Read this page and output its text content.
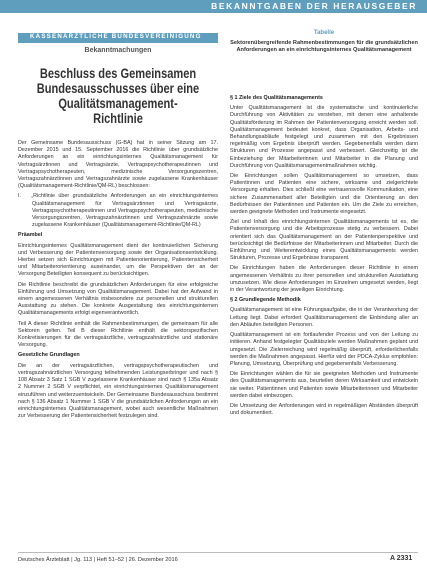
BEKANNTGABEN DER HERAUSGEBER
KASSENÄRZTLICHE BUNDESVEREINIGUNG
Bekanntmachungen
Beschluss des Gemeinsamen Bundesausschusses über eine Qualitätsmanagement-Richtlinie
Tabelle
Sektorenübergreifende Rahmenbestimmungen für die grundsätzlichen Anforderungen an ein einrichtungsinternes Qualitätsmanagement

Der Gemeinsame Bundesausschuss (G-BA) hat in seiner Sitzung am 17. Dezember 2015 und 15. September 2016 die Richtlinie über grundsätzliche Anforderungen an ein einrichtungsinternes Qualitätsmanagement für Vertragsärztinnen und Vertragsärzte, Vertragspsychotherapeutinnen und Vertragspsychotherapeuten, medizinische Versorgungszentren, Vertragszahnärztinnen und Vertragszahnärzte sowie zugelassene Krankenhäuser (Qualitätsmanagement-Richtlinie/QM-RL) beschlossen:

I. „Richtlinie über grundsätzliche Anforderungen an ein einrichtungsinternes Qualitätsmanagement für Vertragsärztinnen und Vertragsärzte, Vertragspsychotherapeutinnen und Vertragspsychotherapeuten, medizinische Versorgungszentren, Vertragszahnärztinnen und Vertragszahnärzte sowie zugelassene Krankenhäuser (Qualitätsmanagement-Richtlinie/QM-RL)

Präambel

Einrichtungsinternes Qualitätsmanagement dient der kontinuierlichen Sicherung und Verbesserung der Patientenversorgung sowie der Organisationsentwicklung. Hierbei setzen sich Einrichtungen mit Patientenorientierung, Patientensicherheit und Mitarbeiterorientierung auseinander, um die Perspektiven der an der Versorgung Beteiligten konsequent zu berücksichtigen.

Die Richtlinie beschreibt die grundsätzlichen Anforderungen für eine erfolgreiche Einführung und Umsetzung von Qualitätsmanagement. Dabei hat der Aufwand in einem angemessenen Verhältnis insbesondere zur personellen und strukturellen Ausstattung zu stehen. Die konkrete Ausgestaltung des einrichtungsinternen Qualitätsmanagements erfolgt eigenverantwortlich.

Teil A dieser Richtlinie enthält die Rahmenbestimmungen, die gemeinsam für alle Sektoren gelten. Teil B dieser Richtlinie enthält die sektorspezifischen Konkretisierungen für die vertragsärztliche, vertragszahnärztliche und stationäre Versorgung.

Gesetzliche Grundlagen

Die an der vertragsärztlichen, vertragspsychotherapeutischen und vertragszahnärztlichen Versorgung teilnehmenden Leistungserbringer und nach § 108 Absatz 3 Satz 1 SGB V zugelassene Krankenhäuser sind nach § 135a Absatz 2 Nummer 2 SGB V verpflichtet, ein einrichtungsinternes Qualitätsmanagement einzuführen und weiterzuentwickeln. Der Gemeinsame Bundesausschuss bestimmt nach § 136 Absatz 1 Nummer 1 SGB V die grundsätzlichen Anforderungen an ein einrichtungsinternes Qualitätsmanagement, wobei auch wesentliche Maßnahmen zur Verbesserung der Patientensicherheit festzulegen sind.

§ 1 Ziele des Qualitätsmanagements

Unter Qualitätsmanagement ist die systematische und kontinuierliche Durchführung von Aktivitäten zu verstehen, mit denen eine anhaltende Qualitätsförderung im Rahmen der Patientenversorgung erreicht werden soll. Qualitätsmanagement bedeutet konkret, dass Organisation, Arbeits- und Behandlungsabläufe festgelegt und zusammen mit den Ergebnissen regelmäßig vom Ergebnis überprüft werden. Gegebenenfalls werden dann Strukturen und Prozesse angepasst und verbessert. Gleichzeitig ist die Einbeziehung der Mitarbeiterinnen und Mitarbeiter in die Planung und Durchführung von Qualitätsmanagementmaßnahmen wichtig.

Die Einrichtungen sollen Qualitätsmanagement so umsetzen, dass Patientinnen und Patienten eine sichere, wirksame und zielgerichtete Versorgung erhalten. Dies schließt eine vertrauensvolle Kommunikation, eine sichere Zusammenarbeit aller Beteiligten und die Orientierung an den Bedürfnissen der Patientinnen und Patienten ein. Um die Ziele zu erreichen, werden geeignete Methoden und Instrumente eingesetzt.

Ziel und Inhalt des einrichtungsinternen Qualitätsmanagements ist es, die Patientenversorgung und die Arbeitsprozesse stetig zu verbessern. Dabei orientiert sich das Qualitätsmanagement an der Patientenperspektive und berücksichtigt die Bedürfnisse der Mitarbeiterinnen und Mitarbeiter. Durch die Einführung und Weiterentwicklung eines Qualitätsmanagements werden Strukturen, Prozesse und Ergebnisse transparent.

Die Einrichtungen haben die Anforderungen dieser Richtlinie in einem angemessenen Verhältnis zu ihrer personellen und strukturellen Ausstattung umzusetzen. Wie diese Anforderungen im Einzelnen umgesetzt werden, liegt in der Verantwortung der jeweiligen Einrichtung.

§ 2 Grundlegende Methodik

Qualitätsmanagement ist eine Führungsaufgabe, die in der Verantwortung der Leitung liegt. Dabei erfordert Qualitätsmanagement die Einbindung aller an den Abläufen beteiligten Personen.

Qualitätsmanagement ist ein fortlaufender Prozess und von der Leitung zu initiieren. Anhand festgelegter Qualitätsziele werden Maßnahmen geplant und umgesetzt. Die Zielerreichung wird regelmäßig überprüft, erforderlichenfalls werden die Maßnahmen angepasst. Hierfür wird der PDCA-Zyklus empfohlen: Planung, Umsetzung, Überprüfung und gegebenenfalls Verbesserung.

Die Einrichtungen wählen die für sie geeigneten Methoden und Instrumente des Qualitätsmanagements aus, beurteilen deren Wirksamkeit und entwickeln sie weiter. Patientinnen und Patienten sowie Mitarbeiterinnen und Mitarbeiter werden dabei einbezogen.

Die Umsetzung der Anforderungen wird in regelmäßigen Abständen überprüft und dokumentiert.

Deutsches Ärzteblatt | Jg. 113 | Heft 51–52 | 26. Dezember 2016	A 2331
